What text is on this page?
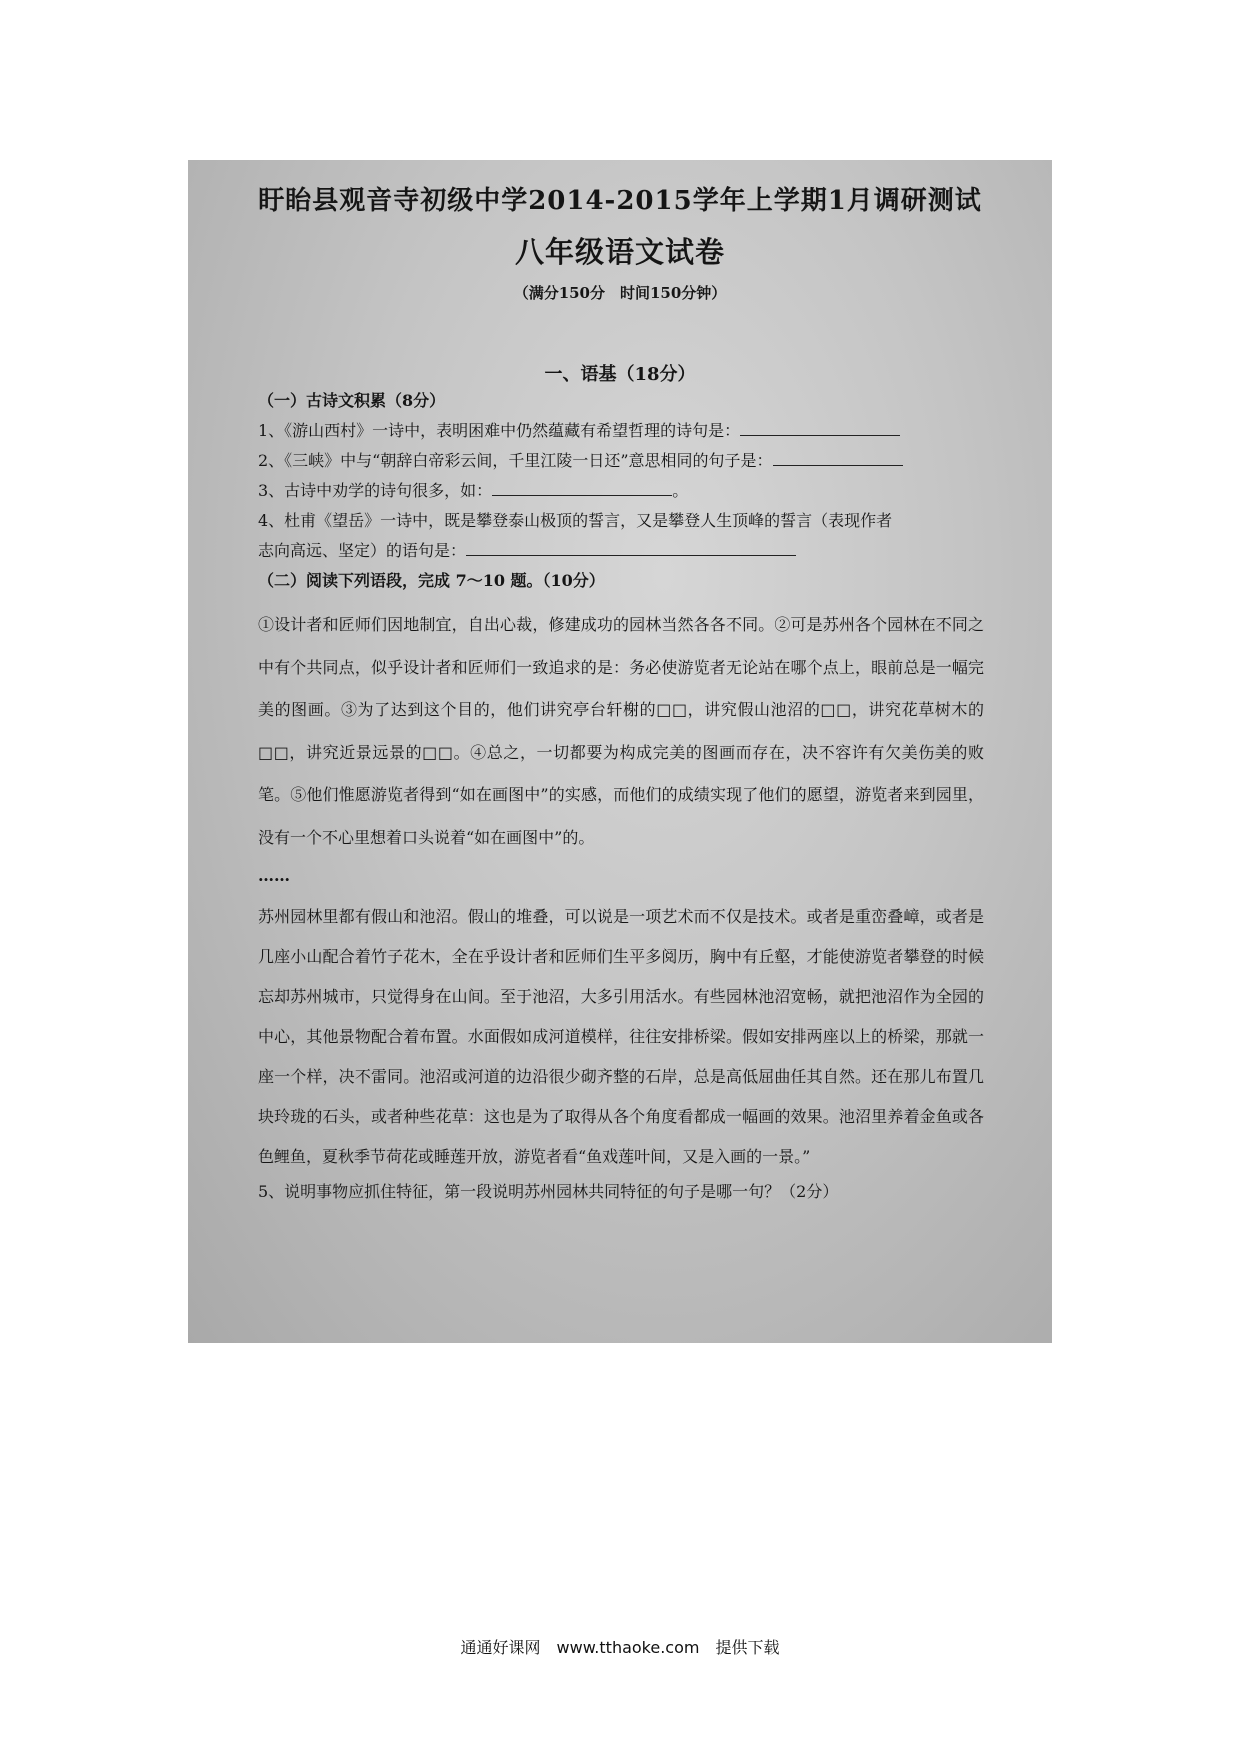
盱眙县观音寺初级中学2014-2015学年上学期1月调研测试
八年级语文试卷
（满分150分　时间150分钟）
一、语基（18分）
（一）古诗文积累（8分）

1、《游山西村》一诗中，表明困难中仍然蕴藏有希望哲理的诗句是：

2、《三峡》中与“朝辞白帝彩云间，千里江陵一日还”意思相同的句子是：

3、古诗中劝学的诗句很多，如：	。

4、杜甫《望岳》一诗中，既是攀登泰山极顶的誓言，又是攀登人生顶峰的誓言（表现作者

志向高远、坚定）的语句是：

（二）阅读下列语段，完成 7～10 题。（10分）
①设计者和匠师们因地制宜，自出心裁，修建成功的园林当然各各不同。②可是苏州各个园林在不同之中有个共同点，似乎设计者和匠师们一致追求的是：务必使游览者无论站在哪个点上，眼前总是一幅完美的图画。③为了达到这个目的，他们讲究亭台轩榭的□□，讲究假山池沼的□□，讲究花草树木的□□，讲究近景远景的□□。④总之，一切都要为构成完美的图画而存在，决不容许有欠美伤美的败笔。⑤他们惟愿游览者得到“如在画图中”的实感，而他们的成绩实现了他们的愿望，游览者来到园里，没有一个不心里想着口头说着“如在画图中”的。
……
苏州园林里都有假山和池沼。假山的堆叠，可以说是一项艺术而不仅是技术。或者是重峦叠嶂，或者是几座小山配合着竹子花木，全在乎设计者和匠师们生平多阅历，胸中有丘壑，才能使游览者攀登的时候忘却苏州城市，只觉得身在山间。至于池沼，大多引用活水。有些园林池沼宽畅，就把池沼作为全园的中心，其他景物配合着布置。水面假如成河道模样，往往安排桥梁。假如安排两座以上的桥梁，那就一座一个样，决不雷同。池沼或河道的边沿很少砌齐整的石岸，总是高低屈曲任其自然。还在那儿布置几块玲珑的石头，或者种些花草：这也是为了取得从各个角度看都成一幅画的效果。池沼里养着金鱼或各色鲤鱼，夏秋季节荷花或睡莲开放，游览者看“鱼戏莲叶间，又是入画的一景。”
5、说明事物应抓住特征，第一段说明苏州园林共同特征的句子是哪一句？（2分）
通通好课网　www.tthaoke.com　提供下载
